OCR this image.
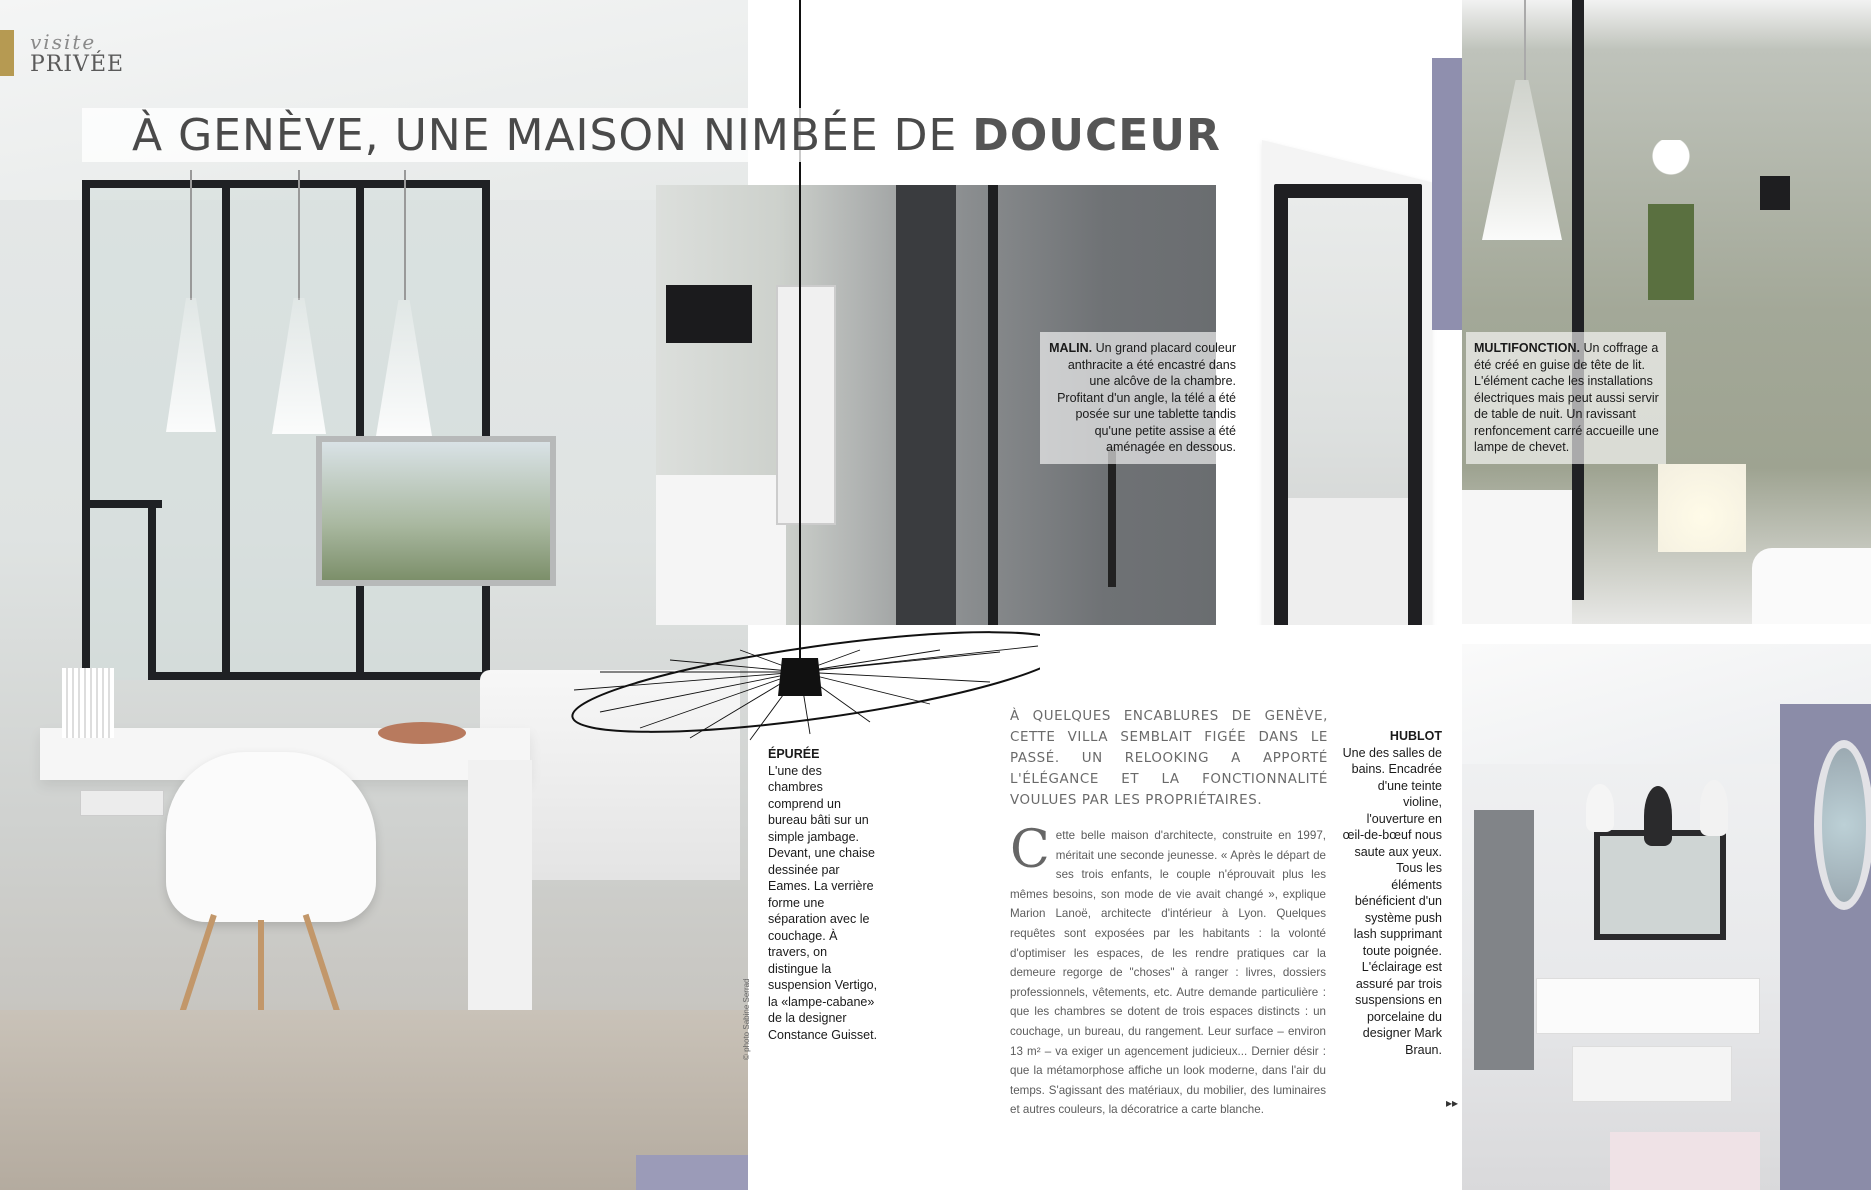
visite
PRIVÉE
À GENÈVE, UNE MAISON NIMBÉE DE DOUCEUR
MALIN. Un grand placard couleur anthracite a été encastré dans une alcôve de la chambre. Profitant d'un angle, la télé a été posée sur une tablette tandis qu'une petite assise a été aménagée en dessous.
MULTIFONCTION. Un coffrage a été créé en guise de tête de lit. L'élément cache les installations électriques mais peut aussi servir de table de nuit. Un ravissant renfoncement carré accueille une lampe de chevet.
ÉPURÉE
L'une des chambres comprend un bureau bâti sur un simple jambage. Devant, une chaise dessinée par Eames. La verrière forme une séparation avec le couchage. À travers, on distingue la suspension Vertigo, la «lampe-cabane» de la designer Constance Guisset.
HUBLOT
Une des salles de bains. Encadrée d'une teinte violine, l'ouverture en œil-de-bœuf nous saute aux yeux. Tous les éléments bénéficient d'un système push lash supprimant toute poignée. L'éclairage est assuré par trois suspensions en porcelaine du designer Mark Braun.
▸▸
© photo Sabine Serrad

À QUELQUES ENCABLURES DE GENÈVE, CETTE VILLA SEMBLAIT FIGÉE DANS LE PASSÉ. UN RELOOKING A APPORTÉ L'ÉLÉGANCE ET LA FONCTIONNALITÉ VOULUES PAR LES PROPRIÉTAIRES.

C ette belle maison d'architecte, construite en 1997, méritait une seconde jeunesse. « Après le départ de ses trois enfants, le couple n'éprouvait plus les mêmes besoins, son mode de vie avait changé », explique Marion Lanoë, architecte d'intérieur à Lyon. Quelques requêtes sont exposées par les habitants : la volonté d'optimiser les espaces, de les rendre pratiques car la demeure regorge de "choses" à ranger : livres, dossiers professionnels, vêtements, etc. Autre demande particulière : que les chambres se dotent de trois espaces distincts : un couchage, un bureau, du rangement. Leur surface – environ 13 m² – va exiger un agencement judicieux... Dernier désir : que la métamorphose affiche un look moderne, dans l'air du temps. S'agissant des matériaux, du mobilier, des luminaires et autres couleurs, la décoratrice a carte blanche.
